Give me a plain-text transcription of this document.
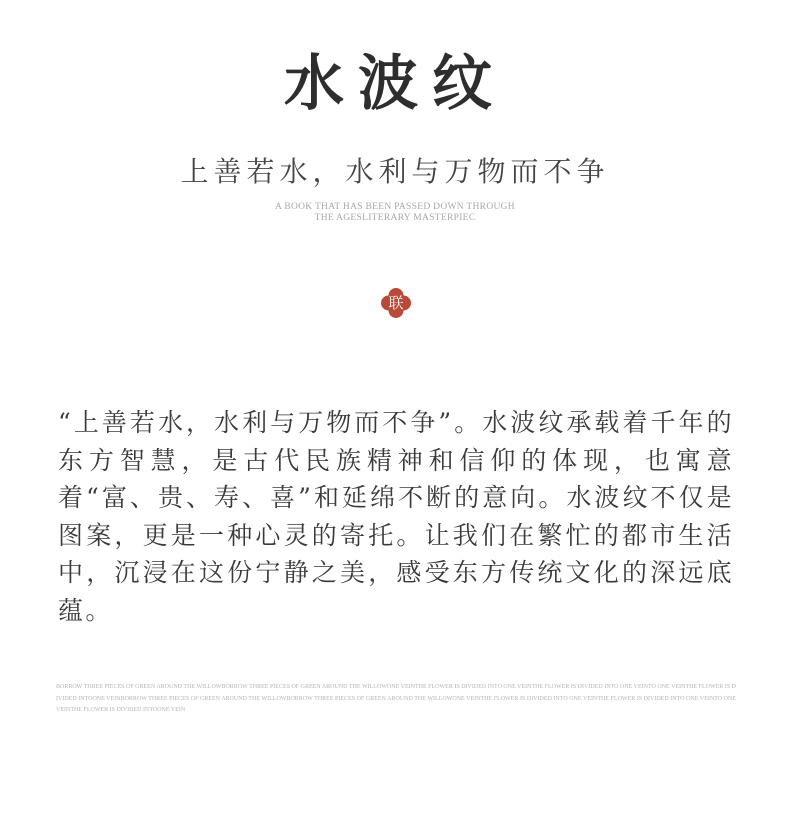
水波纹
上善若水，水利与万物而不争
A BOOK THAT HAS BEEN PASSED DOWN THROUGH
THE AGESLITERARY MASTERPIEC
联
“上善若水，水利与万物而不争”。水波纹承载着千年的东方智慧，是古代民族精神和信仰的体现，也寓意着“富、贵、寿、喜”和延绵不断的意向。水波纹不仅是图案，更是一种心灵的寄托。让我们在繁忙的都市生活中，沉浸在这份宁静之美，感受东方传统文化的深远底蕴。
BORROW THREE PIECES OF GREEN AROUND THE WILLOWBORROW THREE PIECES OF GREEN AROUND THE WILLOWONE VEINTHE FLOWER IS DIVIDED INTO ONE VEINTHE FLOWER IS DIVIDED INTO ONE VEINTO ONE VEINTHE FLOWER IS DIVIDED INTOONE VEINBORROW THREE PIECES OF GREEN AROUND THE WILLOWBORROW THREE PIECES OF GREEN AROUND THE WILLOWONE VEINTHE FLOWER IS DIVIDED INTO ONE VEINTHE FLOWER IS DIVIDED INTO ONE VEINTO ONE VEINTHE FLOWER IS DIVIDED INTOONE VEIN
